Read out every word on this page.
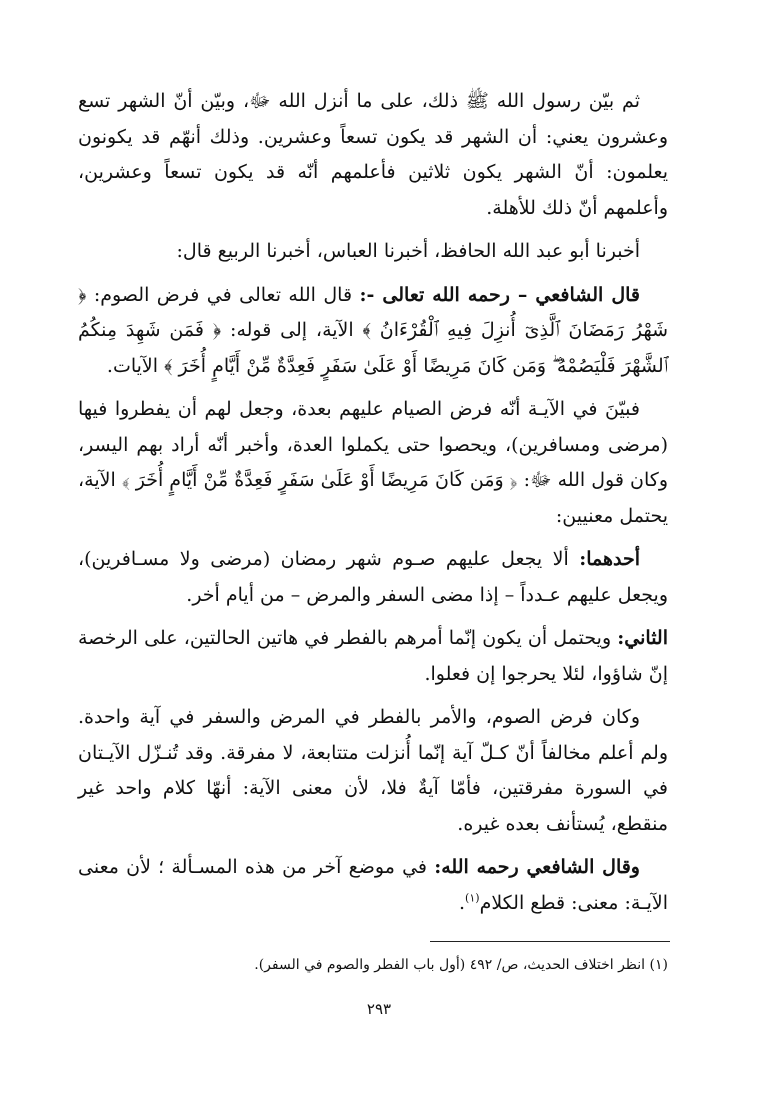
ثم بيّن رسول الله ﷺ ذلك، على ما أنزل الله ﷻ، وبيّن أنّ الشهر تسع وعشرون يعني: أن الشهر قد يكون تسعاً وعشرين. وذلك أنهّم قد يكونون يعلمون: أنّ الشهر يكون ثلاثين فأعلمهم أنّه قد يكون تسعاً وعشرين، وأعلمهم أنّ ذلك للأهلة.

أخبرنا أبو عبد الله الحافظ، أخبرنا العباس، أخبرنا الربيع قال:

قال الشافعي – رحمه الله تعالى -: قال الله تعالى في فرض الصوم: ﴿ شَهْرُ رَمَضَانَ ٱلَّذِىٓ أُنزِلَ فِيهِ ٱلْقُرْءَانُ ﴾ الآية، إلى قوله: ﴿ فَمَن شَهِدَ مِنكُمُ ٱلشَّهْرَ فَلْيَصُمْهُ ۖ وَمَن كَانَ مَرِيضًا أَوْ عَلَىٰ سَفَرٍ فَعِدَّةٌ مِّنْ أَيَّامٍ أُخَرَ ﴾ الآيات.

فبيّنَ في الآيـة أنّه فرض الصيام عليهم بعدة، وجعل لهم أن يفطروا فيها (مرضى ومسافرين)، ويحصوا حتى يكملوا العدة، وأخبر أنّه أراد بهم اليسر، وكان قول الله ﷻ: ﴿ وَمَن كَانَ مَرِيضًا أَوْ عَلَىٰ سَفَرٍ فَعِدَّةٌ مِّنْ أَيَّامٍ أُخَرَ ﴾ الآية، يحتمل معنيين:

أحدهما: ألا يجعل عليهم صـوم شهر رمضان (مرضى ولا مسـافرين)، ويجعل عليهم عـدداً – إذا مضى السفر والمرض – من أيام أخر.

الثاني: ويحتمل أن يكون إنّما أمرهم بالفطر في هاتين الحالتين، على الرخصة إنّ شاؤوا، لئلا يحرجوا إن فعلوا.

وكان فرض الصوم، والأمر بالفطر في المرض والسفر في آية واحدة. ولم أعلم مخالفاً أنّ كـلّ آية إنّما أُنزلت متتابعة، لا مفرقة. وقد تُنـزّل الآيـتان في السورة مفرقتين، فأمّا آيةٌ فلا، لأن معنى الآية: أنهّا كلام واحد غير منقطع، يُستأنف بعده غيره.

وقال الشافعي رحمه الله: في موضع آخر من هذه المسـألة ؛ لأن معنى الآيـة: معنى: قطع الكلام$^{(١)}$.

(١) انظر اختلاف الحديث، ص/ ٤٩٢ (أول باب الفطر والصوم في السفر).
٢٩٣
